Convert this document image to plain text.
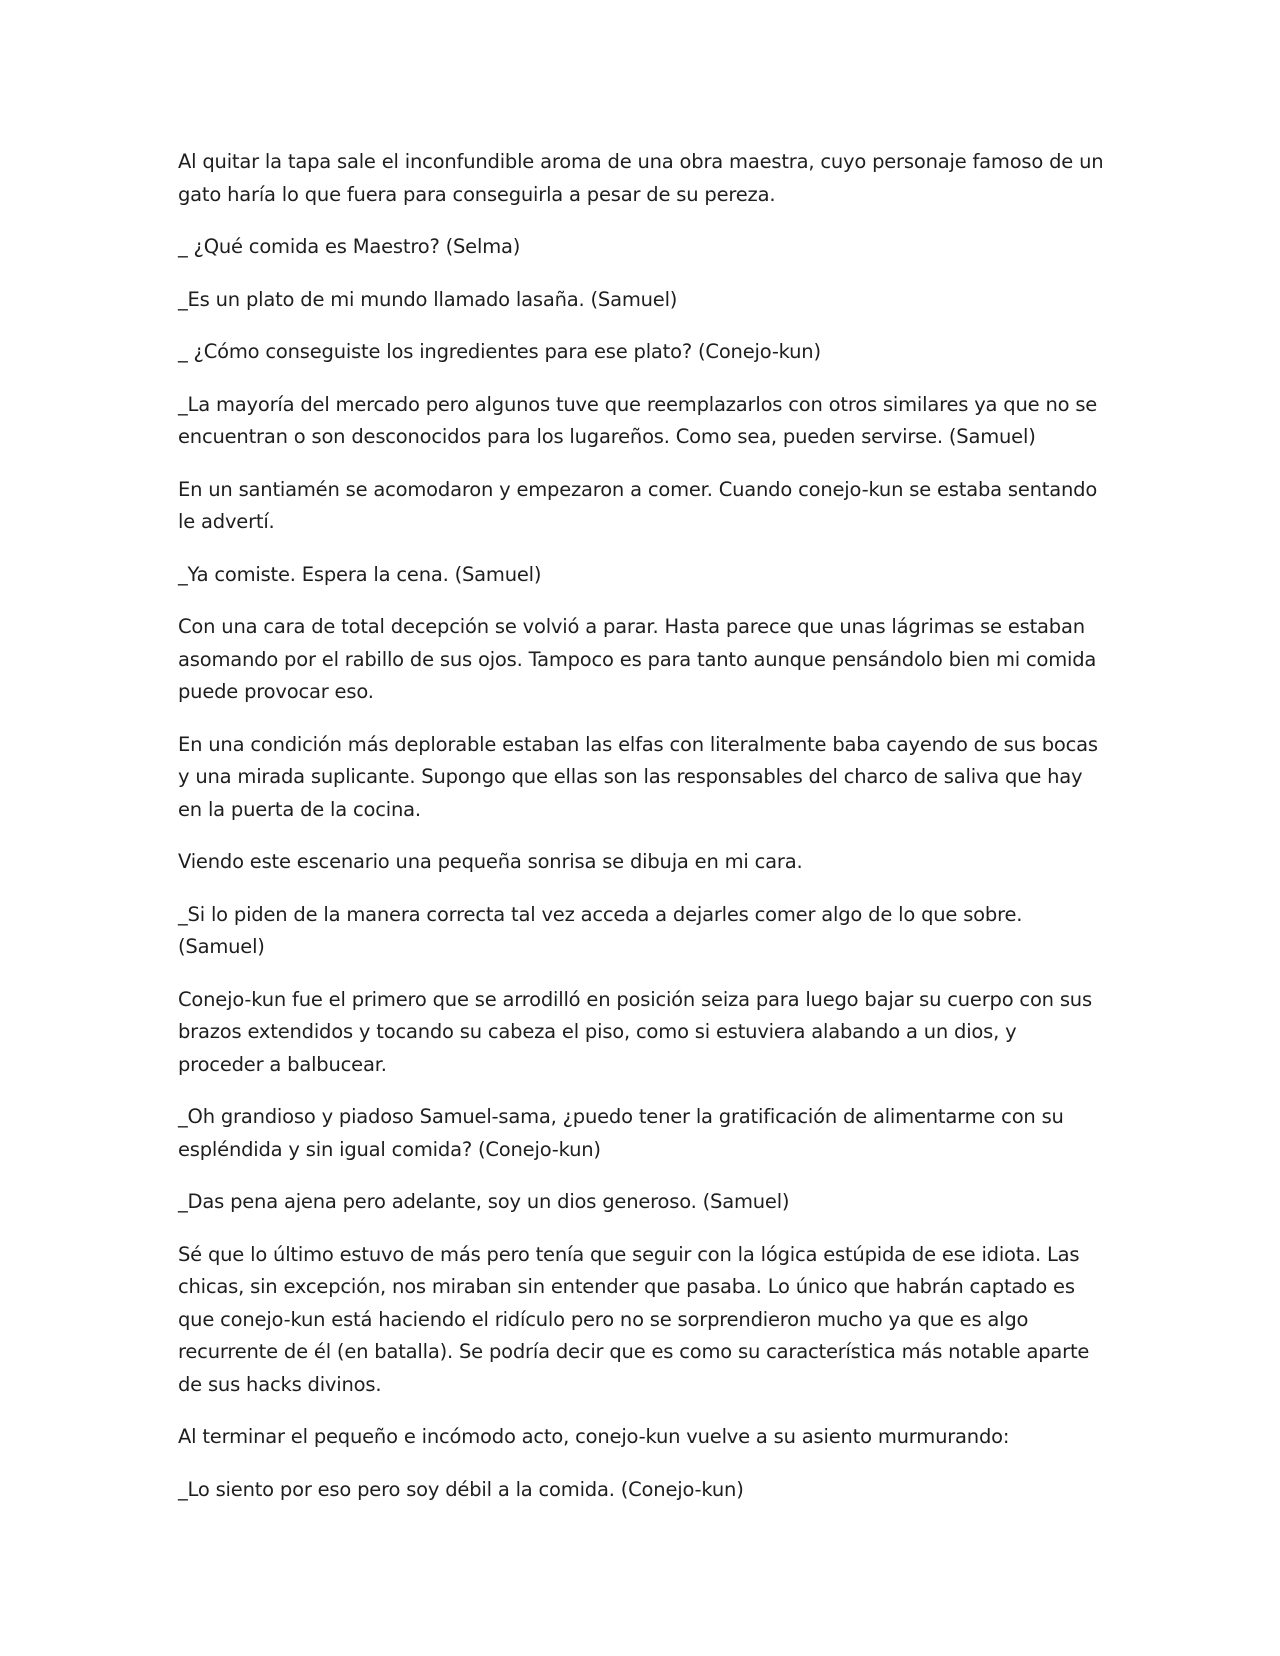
Al quitar la tapa sale el inconfundible aroma de una obra maestra, cuyo personaje famoso de un gato haría lo que fuera para conseguirla a pesar de su pereza.

_ ¿Qué comida es Maestro? (Selma)

_Es un plato de mi mundo llamado lasaña. (Samuel)

_ ¿Cómo conseguiste los ingredientes para ese plato? (Conejo-kun)

_La mayoría del mercado pero algunos tuve que reemplazarlos con otros similares ya que no se encuentran o son desconocidos para los lugareños. Como sea, pueden servirse. (Samuel)

En un santiamén se acomodaron y empezaron a comer. Cuando conejo-kun se estaba sentando le advertí.

_Ya comiste. Espera la cena. (Samuel)

Con una cara de total decepción se volvió a parar. Hasta parece que unas lágrimas se estaban asomando por el rabillo de sus ojos. Tampoco es para tanto aunque pensándolo bien mi comida puede provocar eso.

En una condición más deplorable estaban las elfas con literalmente baba cayendo de sus bocas y una mirada suplicante. Supongo que ellas son las responsables del charco de saliva que hay en la puerta de la cocina.

Viendo este escenario una pequeña sonrisa se dibuja en mi cara.

_Si lo piden de la manera correcta tal vez acceda a dejarles comer algo de lo que sobre. (Samuel)

Conejo-kun fue el primero que se arrodilló en posición seiza para luego bajar su cuerpo con sus brazos extendidos y tocando su cabeza el piso, como si estuviera alabando a un dios, y proceder a balbucear.

_Oh grandioso y piadoso Samuel-sama, ¿puedo tener la gratificación de alimentarme con su espléndida y sin igual comida? (Conejo-kun)

_Das pena ajena pero adelante, soy un dios generoso. (Samuel)

Sé que lo último estuvo de más pero tenía que seguir con la lógica estúpida de ese idiota. Las chicas, sin excepción, nos miraban sin entender que pasaba. Lo único que habrán captado es que conejo-kun está haciendo el ridículo pero no se sorprendieron mucho ya que es algo recurrente de él (en batalla). Se podría decir que es como su característica más notable aparte de sus hacks divinos.

Al terminar el pequeño e incómodo acto, conejo-kun vuelve a su asiento murmurando:

_Lo siento por eso pero soy débil a la comida. (Conejo-kun)
